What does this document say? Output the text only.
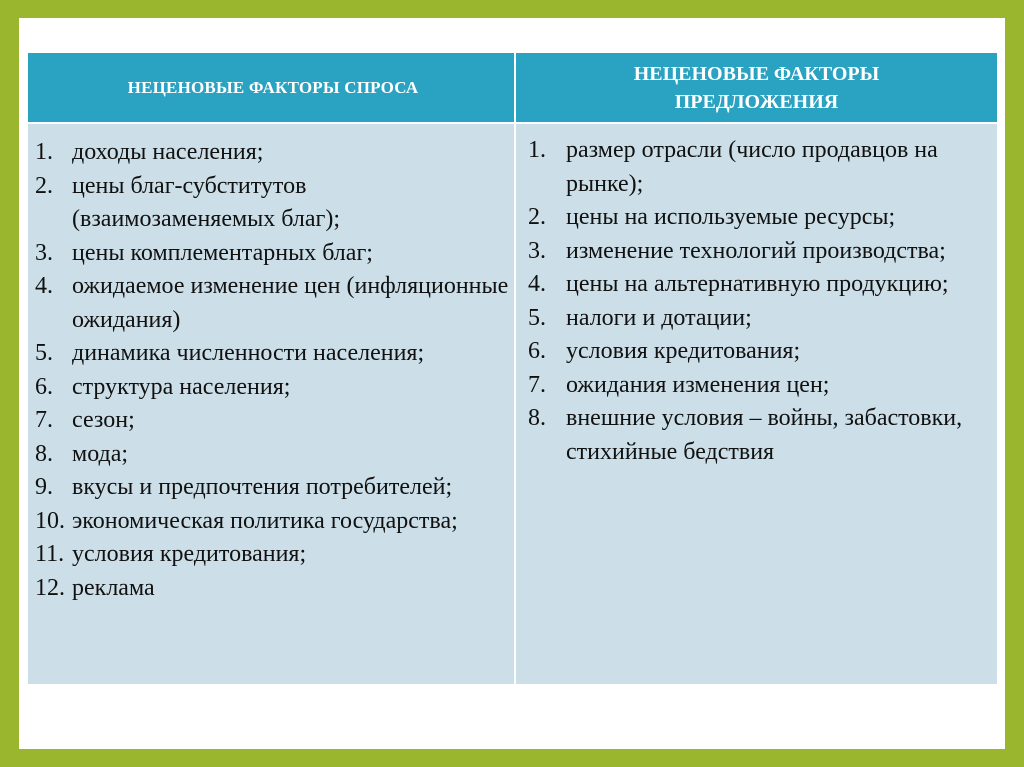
НЕЦЕНОВЫЕ ФАКТОРЫ СПРОСА
НЕЦЕНОВЫЕ ФАКТОРЫ ПРЕДЛОЖЕНИЯ
1. доходы населения;
2. цены благ-субститутов (взаимозаменяемых благ);
3. цены комплементарных благ;
4. ожидаемое изменение цен (инфляционные ожидания)
5. динамика численности населения;
6. структура населения;
7. сезон;
8. мода;
9. вкусы и предпочтения потребителей;
10. экономическая политика государства;
11. условия кредитования;
12. реклама
1. размер отрасли (число продавцов на рынке);
2. цены на используемые ресурсы;
3. изменение технологий производства;
4. цены на альтернативную продукцию;
5. налоги и дотации;
6. условия кредитования;
7. ожидания изменения цен;
8. внешние условия – войны, забастовки, стихийные бедствия
